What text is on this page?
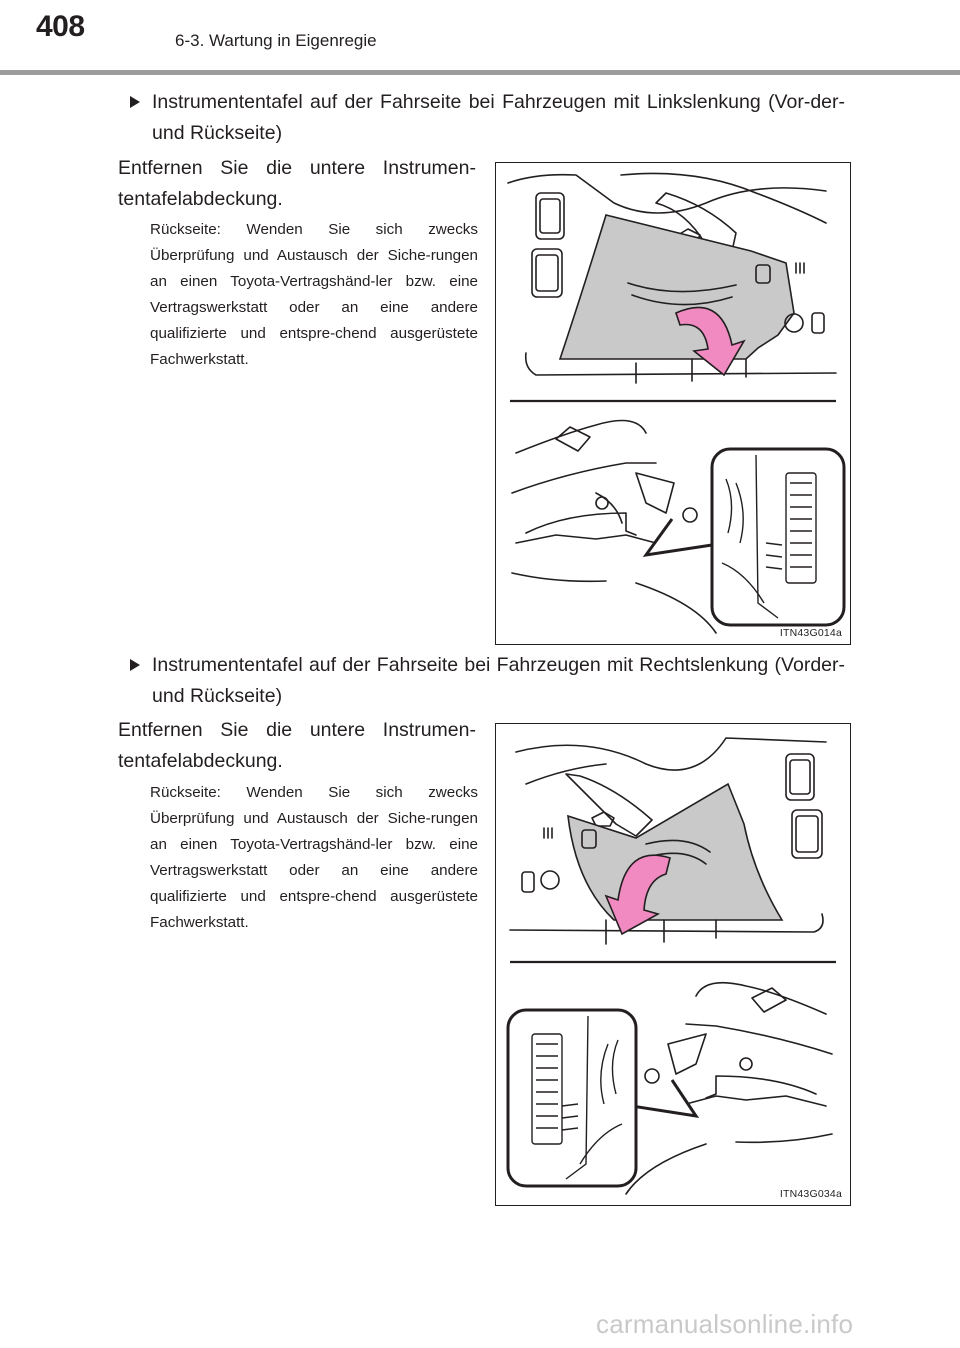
408	6-3. Wartung in Eigenregie
Instrumententafel auf der Fahrseite bei Fahrzeugen mit Linkslenkung (Vor-der- und Rückseite)
Entfernen Sie die untere Instrumen-tentafelabdeckung.
Rückseite: Wenden Sie sich zwecks Überprüfung und Austausch der Siche-rungen an einen Toyota-Vertragshänd-ler bzw. eine Vertragswerkstatt oder an eine andere qualifizierte und entspre-chend ausgerüstete Fachwerkstatt.
ITN43G014a
Instrumententafel auf der Fahrseite bei Fahrzeugen mit Rechtslenkung (Vorder- und Rückseite)
Entfernen Sie die untere Instrumen-tentafelabdeckung.
Rückseite: Wenden Sie sich zwecks Überprüfung und Austausch der Siche-rungen an einen Toyota-Vertragshänd-ler bzw. eine Vertragswerkstatt oder an eine andere qualifizierte und entspre-chend ausgerüstete Fachwerkstatt.
ITN43G034a
carmanualsonline.info
